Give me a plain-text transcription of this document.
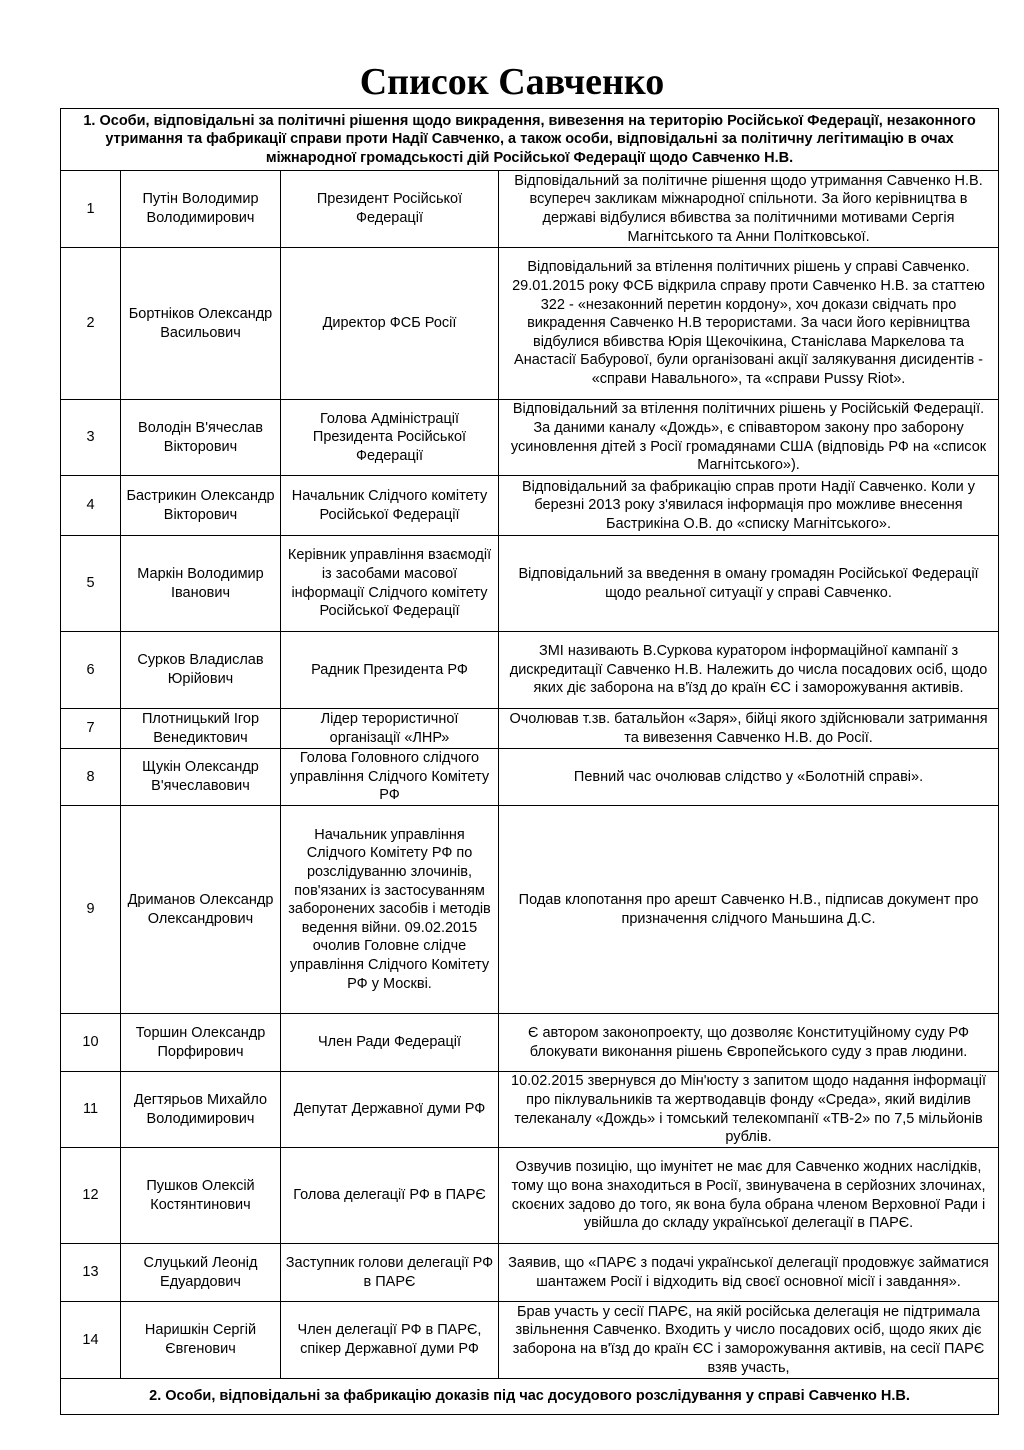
Список Савченко
1. Особи, відповідальні за політичні рішення щодо викрадення, вивезення на територію Російської Федерації, незаконного утримання та фабрикації справи проти Надії Савченко, а також особи, відповідальні за політичну легітимацію в очах міжнародної громадськості дій Російської Федерації щодо Савченко Н.В.			
1	Путін Володимир Володимирович	Президент Російської Федерації	Відповідальний за політичне рішення щодо утримання Савченко Н.В. всупереч закликам міжнародної спільноти. За його керівництва в державі відбулися вбивства за політичними мотивами Сергія Магнітського та Анни Політковської.
2	Бортніков Олександр Васильович	Директор ФСБ Росії	Відповідальний за втілення політичних рішень у справі Савченко. 29.01.2015 року ФСБ відкрила справу проти Савченко Н.В. за статтею 322 - «незаконний перетин кордону», хоч докази свідчать про викрадення Савченко Н.В терористами. За часи його керівництва відбулися вбивства Юрія Щекочікина, Станіслава Маркелова та Анастасії Бабурової, були організовані акції залякування дисидентів - «справи Навального», та «справи Pussy Riot».
3	Володін В'ячеслав Вікторович	Голова Адміністрації Президента Російської Федерації	Відповідальний за втілення політичних рішень у Російській Федерації. За даними каналу «Дождь», є співавтором закону про заборону усиновлення дітей з Росії громадянами США (відповідь РФ на «список Магнітського»).
4	Бастрикин Олександр Вікторович	Начальник Слідчого комітету Російської Федерації	Відповідальний за фабрикацію справ проти Надії Савченко. Коли у березні 2013 року з'явилася інформація про можливе внесення Бастрикіна О.В. до «списку Магнітського».
5	Маркін Володимир Іванович	Керівник управління взаємодії із засобами масової інформації Слідчого комітету Російської Федерації	Відповідальний за введення в оману громадян Російської Федерації щодо реальної ситуації у справі Савченко.
6	Сурков Владислав Юрійович	Радник Президента РФ	ЗМІ називають В.Суркова куратором інформаційної кампанії з дискредитації Савченко Н.В. Належить до числа посадових осіб, щодо яких діє заборона на в'їзд до країн ЄС і заморожування активів.
7	Плотницький Ігор Венедиктович	Лідер терористичної організації «ЛНР»	Очолював т.зв. батальйон «Заря», бійці якого здійснювали затримання та вивезення Савченко Н.В. до Росії.
8	Щукін Олександр В'ячеславович	Голова Головного слідчого управління Слідчого Комітету РФ	Певний час очолював слідство у «Болотній справі».
9	Дриманов Олександр Олександрович	Начальник управління Слідчого Комітету РФ по розслідуванню злочинів, пов'язаних із застосуванням заборонених засобів і методів ведення війни. 09.02.2015 очолив Головне слідче управління Слідчого Комітету РФ у Москві.	Подав клопотання про арешт Савченко Н.В., підписав документ про призначення слідчого Маньшина Д.С.
10	Торшин Олександр Порфирович	Член Ради Федерації	Є автором законопроекту, що дозволяє Конституційному суду РФ блокувати виконання рішень Європейського суду з прав людини.
11	Дегтярьов Михайло Володимирович	Депутат Державної думи РФ	10.02.2015 звернувся до Мін'юсту з запитом щодо надання інформації про піклувальників та жертводавців фонду «Среда», який виділив телеканалу «Дождь» і томський телекомпанії «ТВ-2» по 7,5 мільйонів рублів.
12	Пушков Олексій Костянтинович	Голова делегації РФ в ПАРЄ	Озвучив позицію, що імунітет не має для Савченко жодних наслідків, тому що вона знаходиться в Росії, звинувачена в серйозних злочинах, скоєних задово до того, як вона була обрана членом Верховної Ради і увійшла до складу української делегації в ПАРЄ.
13	Слуцький Леонід Едуардович	Заступник голови делегації РФ в ПАРЄ	Заявив, що «ПАРЄ з подачі української делегації продовжує займатися шантажем Росії і відходить від своєї основної місії і завдання».
14	Наришкін Сергій Євгенович	Член делегації РФ в ПАРЄ, спікер Державної думи РФ	Брав участь у сесії ПАРЄ, на якій російська делегація не підтримала звільнення Савченко. Входить у число посадових осіб, щодо яких діє заборона на в'їзд до країн ЄС і заморожування активів, на сесії ПАРЄ взяв участь,
2. Особи, відповідальні за фабрикацію доказів під час досудового розслідування у справі Савченко Н.В.			
